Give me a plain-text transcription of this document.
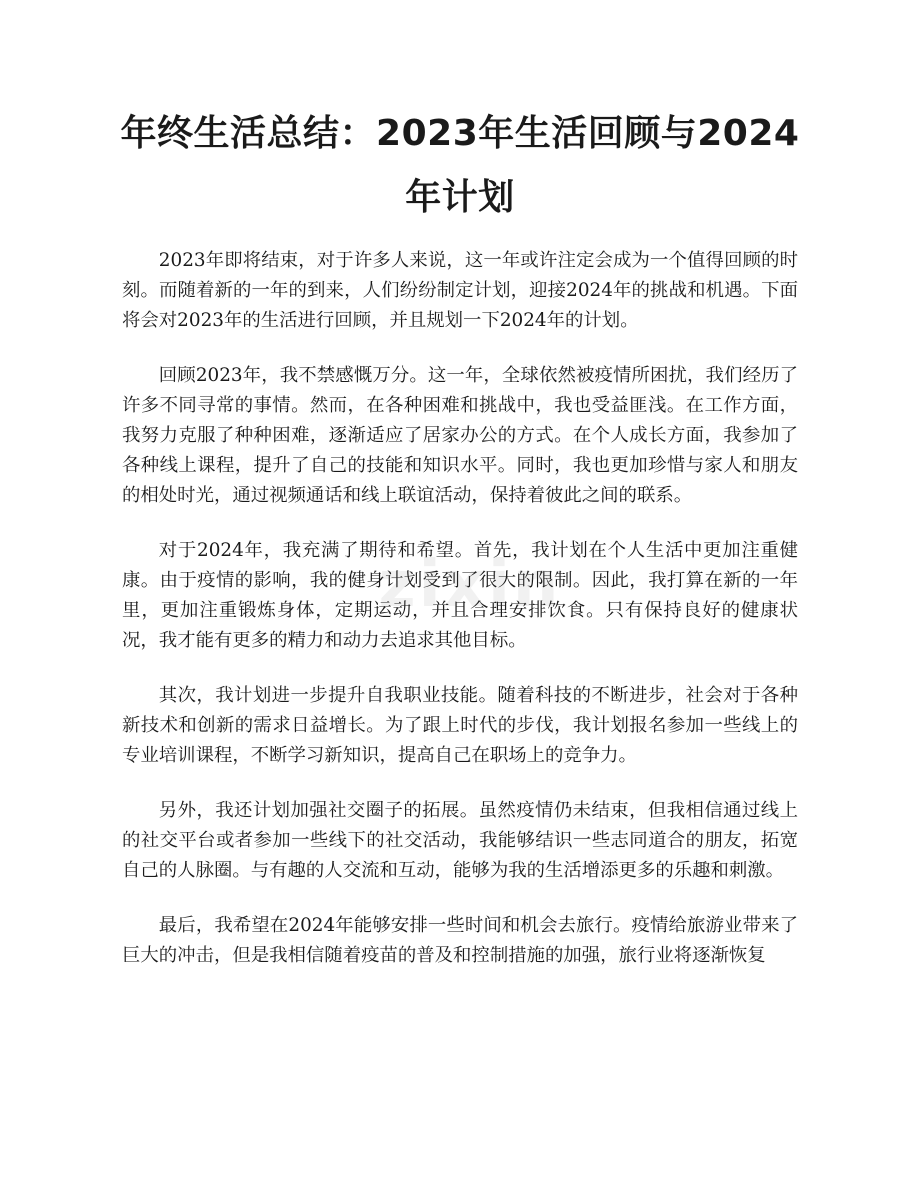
年终生活总结：2023年生活回顾与2024年计划

2023年即将结束，对于许多人来说，这一年或许注定会成为一个值得回顾的时刻。而随着新的一年的到来，人们纷纷制定计划，迎接2024年的挑战和机遇。下面将会对2023年的生活进行回顾，并且规划一下2024年的计划。

回顾2023年，我不禁感慨万分。这一年，全球依然被疫情所困扰，我们经历了许多不同寻常的事情。然而，在各种困难和挑战中，我也受益匪浅。在工作方面，我努力克服了种种困难，逐渐适应了居家办公的方式。在个人成长方面，我参加了各种线上课程，提升了自己的技能和知识水平。同时，我也更加珍惜与家人和朋友的相处时光，通过视频通话和线上联谊活动，保持着彼此之间的联系。

对于2024年，我充满了期待和希望。首先，我计划在个人生活中更加注重健康。由于疫情的影响，我的健身计划受到了很大的限制。因此，我打算在新的一年里，更加注重锻炼身体，定期运动，并且合理安排饮食。只有保持良好的健康状况，我才能有更多的精力和动力去追求其他目标。

其次，我计划进一步提升自我职业技能。随着科技的不断进步，社会对于各种新技术和创新的需求日益增长。为了跟上时代的步伐，我计划报名参加一些线上的专业培训课程，不断学习新知识，提高自己在职场上的竞争力。

另外，我还计划加强社交圈子的拓展。虽然疫情仍未结束，但我相信通过线上的社交平台或者参加一些线下的社交活动，我能够结识一些志同道合的朋友，拓宽自己的人脉圈。与有趣的人交流和互动，能够为我的生活增添更多的乐趣和刺激。

最后，我希望在2024年能够安排一些时间和机会去旅行。疫情给旅游业带来了巨大的冲击，但是我相信随着疫苗的普及和控制措施的加强，旅行业将逐渐恢复

zixin
